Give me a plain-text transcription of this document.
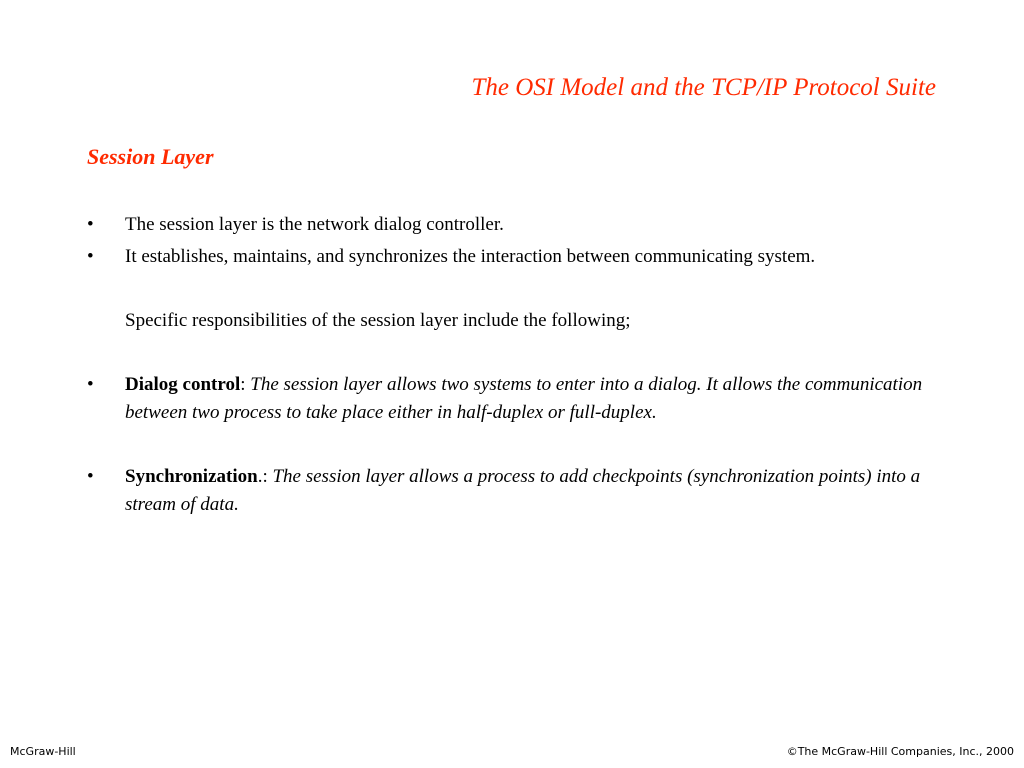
The OSI Model and the TCP/IP Protocol Suite
Session Layer
•	The session layer is the network dialog controller.
•	It establishes, maintains, and synchronizes the interaction between communicating system.
Specific responsibilities of the session layer include the following;
•	Dialog control: The session layer allows two systems to enter into a dialog. It allows the communication between two process to take place either in half-duplex or full-duplex.
•	Synchronization.: The session layer allows a process to add checkpoints (synchronization points) into a stream of data.
McGraw-Hill	©The McGraw-Hill Companies, Inc., 2000
